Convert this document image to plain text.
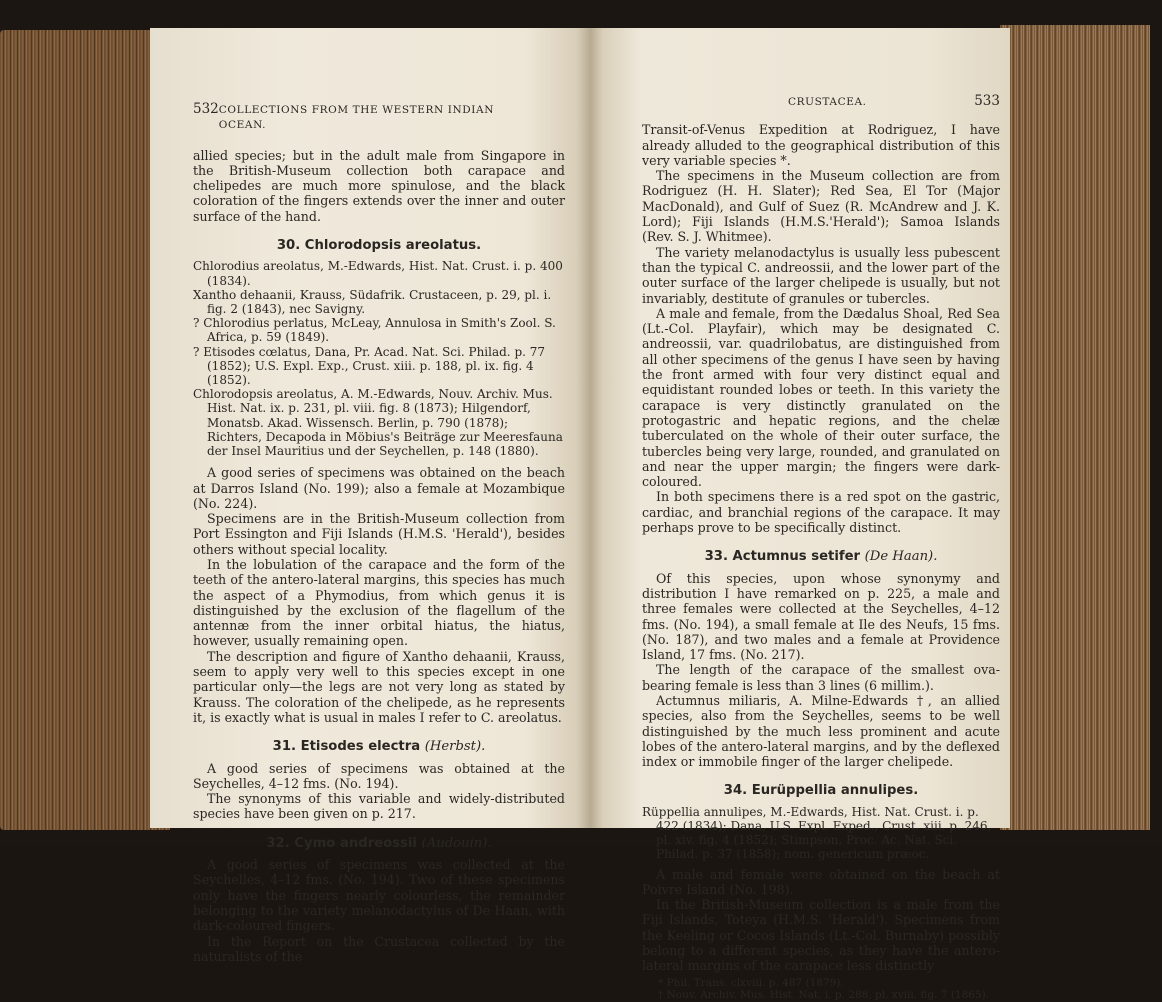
532 COLLECTIONS FROM THE WESTERN INDIAN OCEAN.

allied species; but in the adult male from Singapore in the British-Museum collection both carapace and chelipedes are much more spinulose, and the black coloration of the fingers extends over the inner and outer surface of the hand.

30. Chlorodopsis areolatus.

Chlorodius areolatus, M.-Edwards, Hist. Nat. Crust. i. p. 400 (1834).

Xantho dehaanii, Krauss, Südafrik. Crustaceen, p. 29, pl. i. fig. 2 (1843), nec Savigny.

? Chlorodius perlatus, McLeay, Annulosa in Smith's Zool. S. Africa, p. 59 (1849).

? Etisodes cœlatus, Dana, Pr. Acad. Nat. Sci. Philad. p. 77 (1852); U.S. Expl. Exp., Crust. xiii. p. 188, pl. ix. fig. 4 (1852).

Chlorodopsis areolatus, A. M.-Edwards, Nouv. Archiv. Mus. Hist. Nat. ix. p. 231, pl. viii. fig. 8 (1873); Hilgendorf, Monatsb. Akad. Wissensch. Berlin, p. 790 (1878); Richters, Decapoda in Möbius's Beiträge zur Meeresfauna der Insel Mauritius und der Seychellen, p. 148 (1880).

A good series of specimens was obtained on the beach at Darros Island (No. 199); also a female at Mozambique (No. 224).

Specimens are in the British-Museum collection from Port Essington and Fiji Islands (H.M.S. 'Herald'), besides others without special locality.

In the lobulation of the carapace and the form of the teeth of the antero-lateral margins, this species has much the aspect of a Phymodius, from which genus it is distinguished by the exclusion of the flagellum of the antennæ from the inner orbital hiatus, the hiatus, however, usually remaining open.

The description and figure of Xantho dehaanii, Krauss, seem to apply very well to this species except in one particular only—the legs are not very long as stated by Krauss. The coloration of the chelipede, as he represents it, is exactly what is usual in males I refer to C. areolatus.

31. Etisodes electra (Herbst).

A good series of specimens was obtained at the Seychelles, 4–12 fms. (No. 194).

The synonyms of this variable and widely-distributed species have been given on p. 217.

32. Cymo andreossii (Audouin).

A good series of specimens was collected at the Seychelles, 4–12 fms. (No. 194). Two of these specimens only have the fingers nearly colourless, the remainder belonging to the variety melanodactylus of De Haan, with dark-coloured fingers.

In the Report on the Crustacea collected by the naturalists of the

CRUSTACEA.	533

Transit-of-Venus Expedition at Rodriguez, I have already alluded to the geographical distribution of this very variable species *.

The specimens in the Museum collection are from Rodriguez (H. H. Slater); Red Sea, El Tor (Major MacDonald), and Gulf of Suez (R. McAndrew and J. K. Lord); Fiji Islands (H.M.S.'Herald'); Samoa Islands (Rev. S. J. Whitmee).

The variety melanodactylus is usually less pubescent than the typical C. andreossii, and the lower part of the outer surface of the larger chelipede is usually, but not invariably, destitute of granules or tubercles.

A male and female, from the Dædalus Shoal, Red Sea (Lt.-Col. Playfair), which may be designated C. andreossii, var. quadrilobatus, are distinguished from all other specimens of the genus I have seen by having the front armed with four very distinct equal and equidistant rounded lobes or teeth. In this variety the carapace is very distinctly granulated on the protogastric and hepatic regions, and the chelæ tuberculated on the whole of their outer surface, the tubercles being very large, rounded, and granulated on and near the upper margin; the fingers were dark-coloured.

In both specimens there is a red spot on the gastric, cardiac, and branchial regions of the carapace. It may perhaps prove to be specifically distinct.

33. Actumnus setifer (De Haan).

Of this species, upon whose synonymy and distribution I have remarked on p. 225, a male and three females were collected at the Seychelles, 4–12 fms. (No. 194), a small female at Ile des Neufs, 15 fms. (No. 187), and two males and a female at Providence Island, 17 fms. (No. 217).

The length of the carapace of the smallest ova-bearing female is less than 3 lines (6 millim.).

Actumnus miliaris, A. Milne-Edwards †, an allied species, also from the Seychelles, seems to be well distinguished by the much less prominent and acute lobes of the antero-lateral margins, and by the deflexed index or immobile finger of the larger chelipede.

34. Eurüppellia annulipes.

Rüppellia annulipes, M.-Edwards, Hist. Nat. Crust. i. p. 422 (1834); Dana, U.S. Expl. Exped., Crust. xiii. p. 246, pl. xiv. fig. 4 (1852); Stimpson, Proc. Ac. Nat. Sci. Philad. p. 37 (1858); nom. genericum præoc.

A male and female were obtained on the beach at Poivre Island (No. 198).

In the British-Museum collection is a male from the Fiji Islands, Toteya (H.M.S. 'Herald'). Specimens from the Keeling or Cocos Islands (Lt.-Col. Burnaby) possibly belong to a different species, as they have the antero-lateral margins of the carapace less distinctly

* Phil. Trans. clxviii. p. 487 (1879).
† Nouv. Archiv. Mus. Hist. Nat. i. p. 288, pl. xviii. fig. 7 (1865).
